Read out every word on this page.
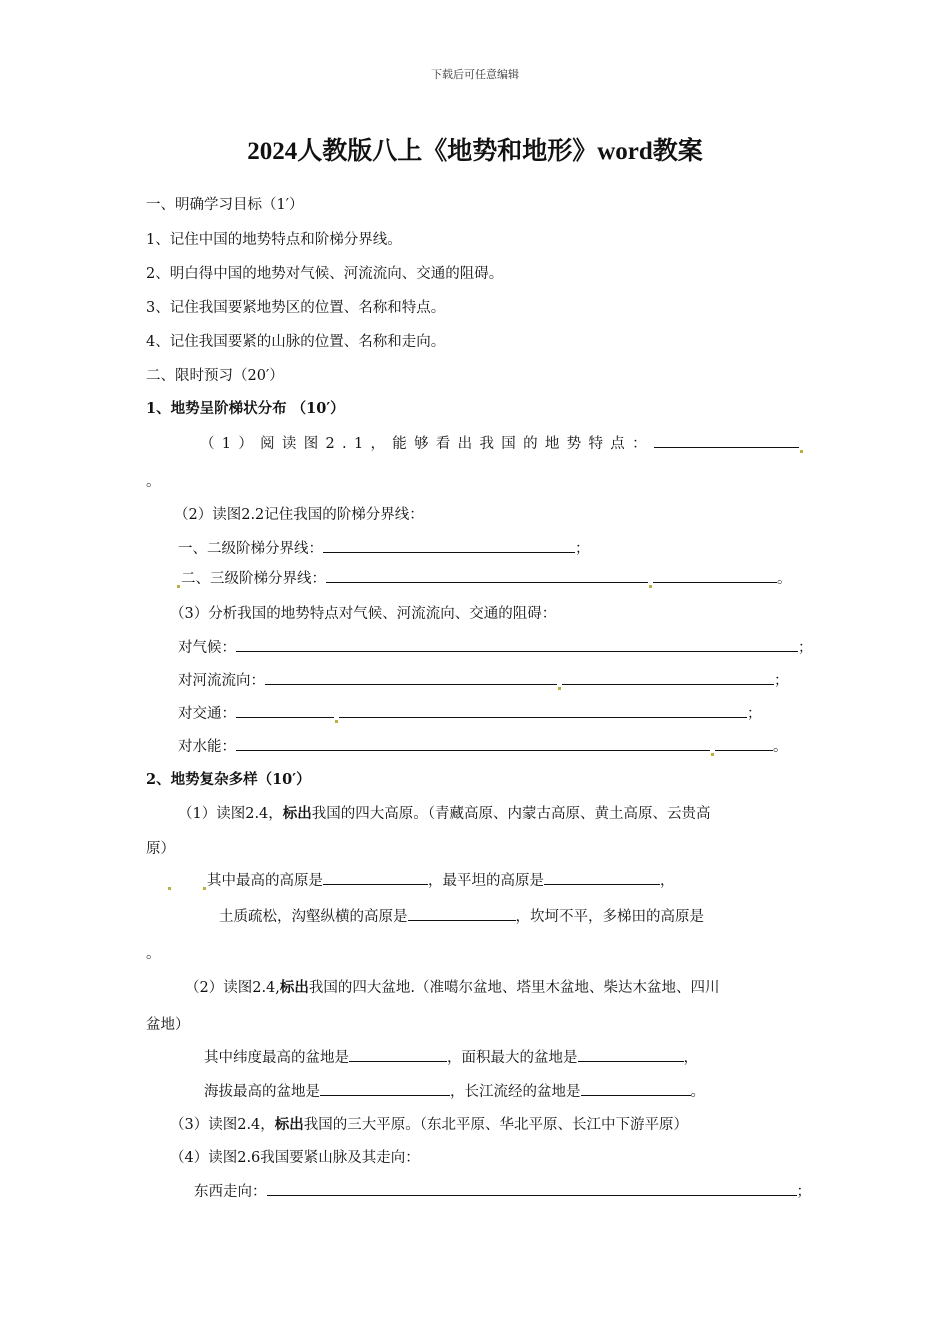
下载后可任意编辑
2024人教版八上《地势和地形》word教案
一、明确学习目标（1′）
1、记住中国的地势特点和阶梯分界线。
2、明白得中国的地势对气候、河流流向、交通的阻碍。
3、记住我国要紧地势区的位置、名称和特点。
4、记住我国要紧的山脉的位置、名称和走向。
二、限时预习（20′）
1、地势呈阶梯状分布 （10′）
（1）阅读图2.1，能够看出我国的地势特点：
。
（2）读图2.2记住我国的阶梯分界线：
一、二级阶梯分界线：	；
二、三级阶梯分界线：	。
（3）分析我国的地势特点对气候、河流流向、交通的阻碍：
对气候：	；
对河流流向：	；
对交通：	；
对水能：	。
2、地势复杂多样（10′）
（1）读图2.4，标出我国的四大高原。（青藏高原、内蒙古高原、黄土高原、云贵高
原）
其中最高的高原是	，最平坦的高原是	，
土质疏松，沟壑纵横的高原是	，坎坷不平，多梯田的高原是
。
（2）读图2.4,标出我国的四大盆地.（准噶尔盆地、塔里木盆地、柴达木盆地、四川
盆地）
其中纬度最高的盆地是	，面积最大的盆地是	，
海拔最高的盆地是	，长江流经的盆地是	。
（3）读图2.4，标出我国的三大平原。（东北平原、华北平原、长江中下游平原）
（4）读图2.6我国要紧山脉及其走向：
东西走向：	；
